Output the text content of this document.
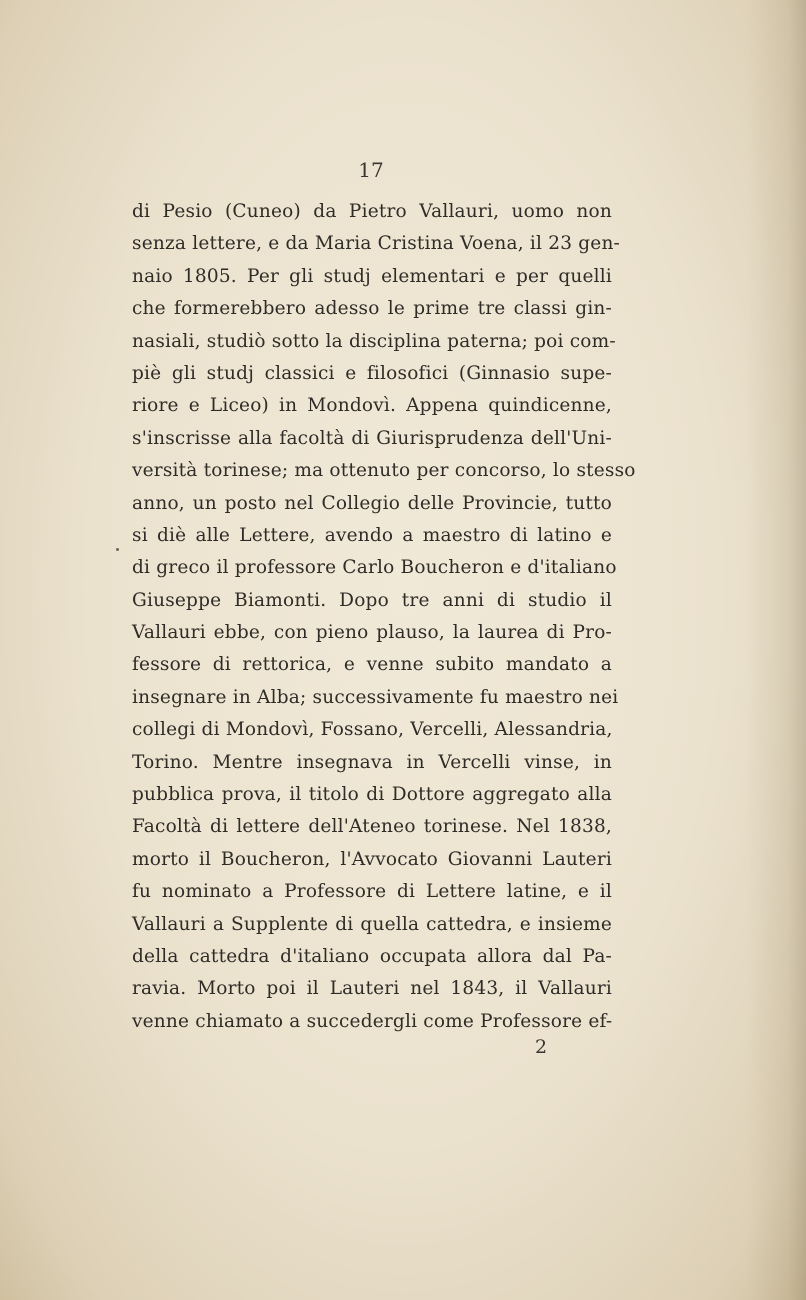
17
di Pesio (Cuneo) da Pietro Vallauri, uomo non
senza lettere, e da Maria Cristina Voena, il 23 gen-
naio 1805. Per gli studj elementari e per quelli
che formerebbero adesso le prime tre classi gin-
nasiali, studiò sotto la disciplina paterna; poi com-
piè gli studj classici e filosofici (Ginnasio supe-
riore e Liceo) in Mondovì. Appena quindicenne,
s'inscrisse alla facoltà di Giurisprudenza dell'Uni-
versità torinese; ma ottenuto per concorso, lo stesso
anno, un posto nel Collegio delle Provincie, tutto
si diè alle Lettere, avendo a maestro di latino e
di greco il professore Carlo Boucheron e d'italiano
Giuseppe Biamonti. Dopo tre anni di studio il
Vallauri ebbe, con pieno plauso, la laurea di Pro-
fessore di rettorica, e venne subito mandato a
insegnare in Alba; successivamente fu maestro nei
collegi di Mondovì, Fossano, Vercelli, Alessandria,
Torino. Mentre insegnava in Vercelli vinse, in
pubblica prova, il titolo di Dottore aggregato alla
Facoltà di lettere dell'Ateneo torinese. Nel 1838,
morto il Boucheron, l'Avvocato Giovanni Lauteri
fu nominato a Professore di Lettere latine, e il
Vallauri a Supplente di quella cattedra, e insieme
della cattedra d'italiano occupata allora dal Pa-
ravia. Morto poi il Lauteri nel 1843, il Vallauri
venne chiamato a succedergli come Professore ef-
2
